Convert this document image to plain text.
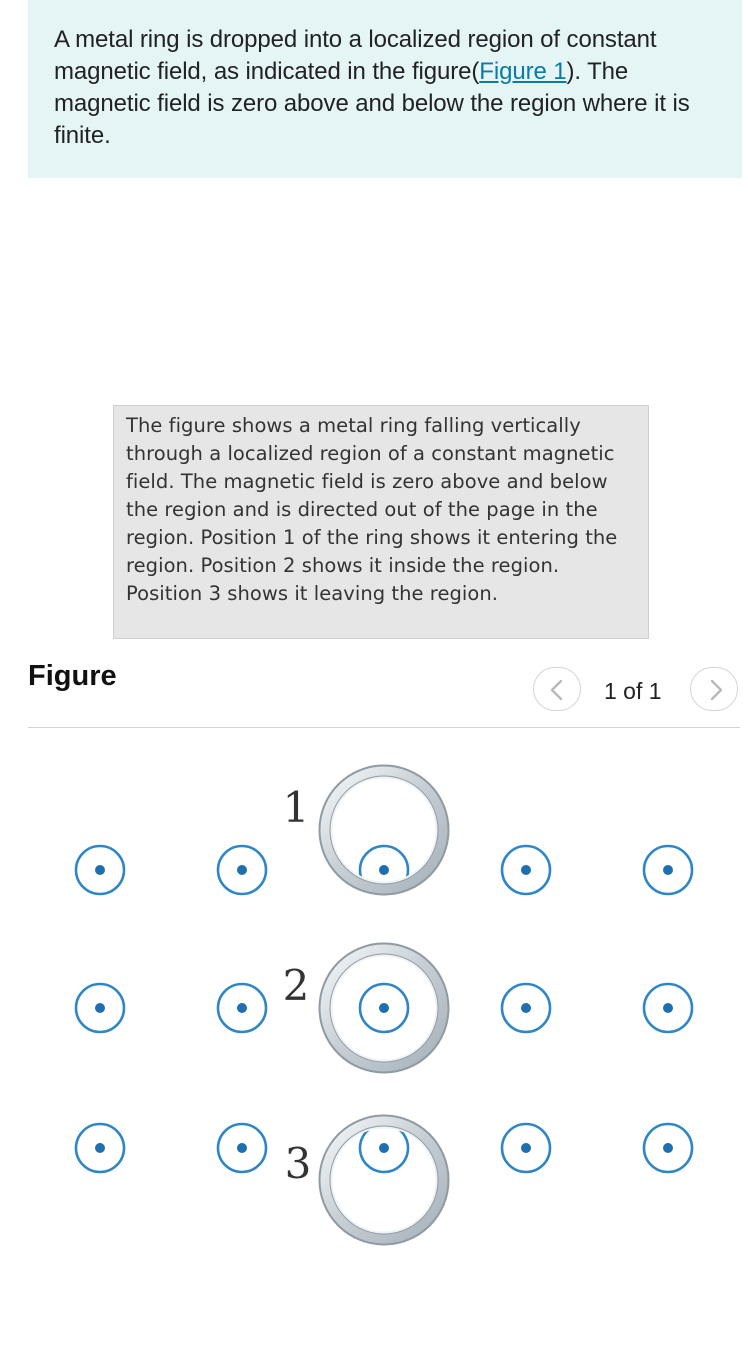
A metal ring is dropped into a localized region of constant magnetic field, as indicated in the figure(Figure 1). The magnetic field is zero above and below the region where it is finite.
The figure shows a metal ring falling vertically
through a localized region of a constant magnetic
field. The magnetic field is zero above and below
the region and is directed out of the page in the
region. Position 1 of the ring shows it entering the
region. Position 2 shows it inside the region.
Position 3 shows it leaving the region.
Figure	1 of 1
1
2
3
